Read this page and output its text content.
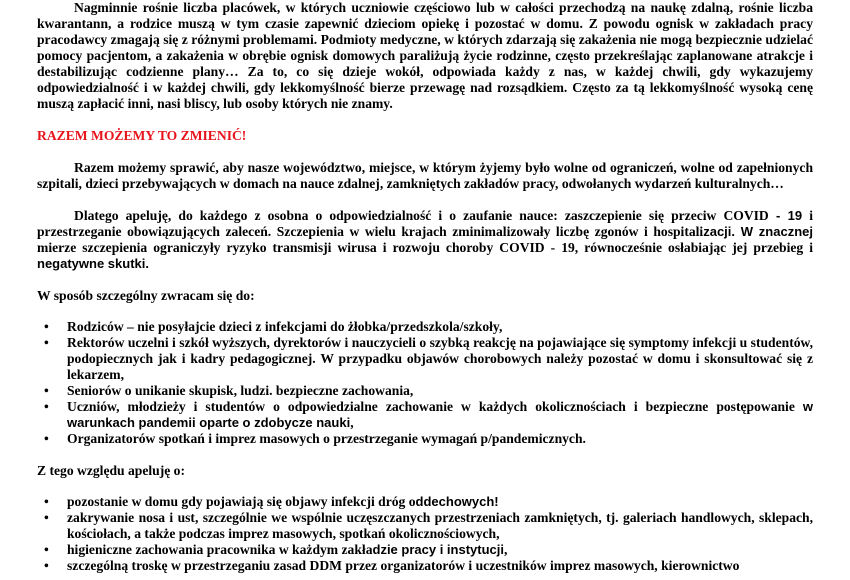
Nagminnie rośnie liczba placówek, w których uczniowie częściowo lub w całości przechodzą na naukę zdalną, rośnie liczba kwarantann, a rodzice muszą w tym czasie zapewnić dzieciom opiekę i pozostać w domu. Z powodu ognisk w zakładach pracy pracodawcy zmagają się z różnymi problemami. Podmioty medyczne, w których zdarzają się zakażenia nie mogą bezpiecznie udzielać pomocy pacjentom, a zakażenia w obrębie ognisk domowych paraliżują życie rodzinne, często przekreślając zaplanowane atrakcje i destabilizując codzienne plany… Za to, co się dzieje wokół, odpowiada każdy z nas, w każdej chwili, gdy wykazujemy odpowiedzialność i w każdej chwili, gdy lekkomyślność bierze przewagę nad rozsądkiem. Często za tą lekkomyślność wysoką cenę muszą zapłacić inni, nasi bliscy, lub osoby których nie znamy.

RAZEM MOŻEMY TO ZMIENIĆ!

Razem możemy sprawić, aby nasze województwo, miejsce, w którym żyjemy było wolne od ograniczeń, wolne od zapełnionych szpitali, dzieci przebywających w domach na nauce zdalnej, zamkniętych zakładów pracy, odwołanych wydarzeń kulturalnych…

Dlatego apeluję, do każdego z osobna o odpowiedzialność i o zaufanie nauce: zaszczepienie się przeciw COVID - 19 i przestrzeganie obowiązujących zaleceń. Szczepienia w wielu krajach zminimalizowały liczbę zgonów i hospitalizacji. W znacznej mierze szczepienia ograniczyły ryzyko transmisji wirusa i rozwoju choroby COVID - 19, równocześnie osłabiając jej przebieg i negatywne skutki.

W sposób szczególny zwracam się do:

• Rodziców – nie posyłajcie dzieci z infekcjami do żłobka/przedszkola/szkoły,
• Rektorów uczelni i szkół wyższych, dyrektorów i nauczycieli o szybką reakcję na pojawiające się symptomy infekcji u studentów, podopiecznych jak i kadry pedagogicznej. W przypadku objawów chorobowych należy pozostać w domu i skonsultować się z lekarzem,
• Seniorów o unikanie skupisk, ludzi. bezpieczne zachowania,
• Uczniów, młodzieży i studentów o odpowiedzialne zachowanie w każdych okolicznościach i bezpieczne postępowanie w warunkach pandemii oparte o zdobycze nauki,
• Organizatorów spotkań i imprez masowych o przestrzeganie wymagań p/pandemicznych.

Z tego względu apeluję o:

• pozostanie w domu gdy pojawiają się objawy infekcji dróg oddechowych!
• zakrywanie nosa i ust, szczególnie we wspólnie uczęszczanych przestrzeniach zamkniętych, tj. galeriach handlowych, sklepach, kościołach, a także podczas imprez masowych, spotkań okolicznościowych,
• higieniczne zachowania pracownika w każdym zakładzie pracy i instytucji,
• szczególną troskę w przestrzeganiu zasad DDM przez organizatorów i uczestników imprez masowych, kierownictwo
